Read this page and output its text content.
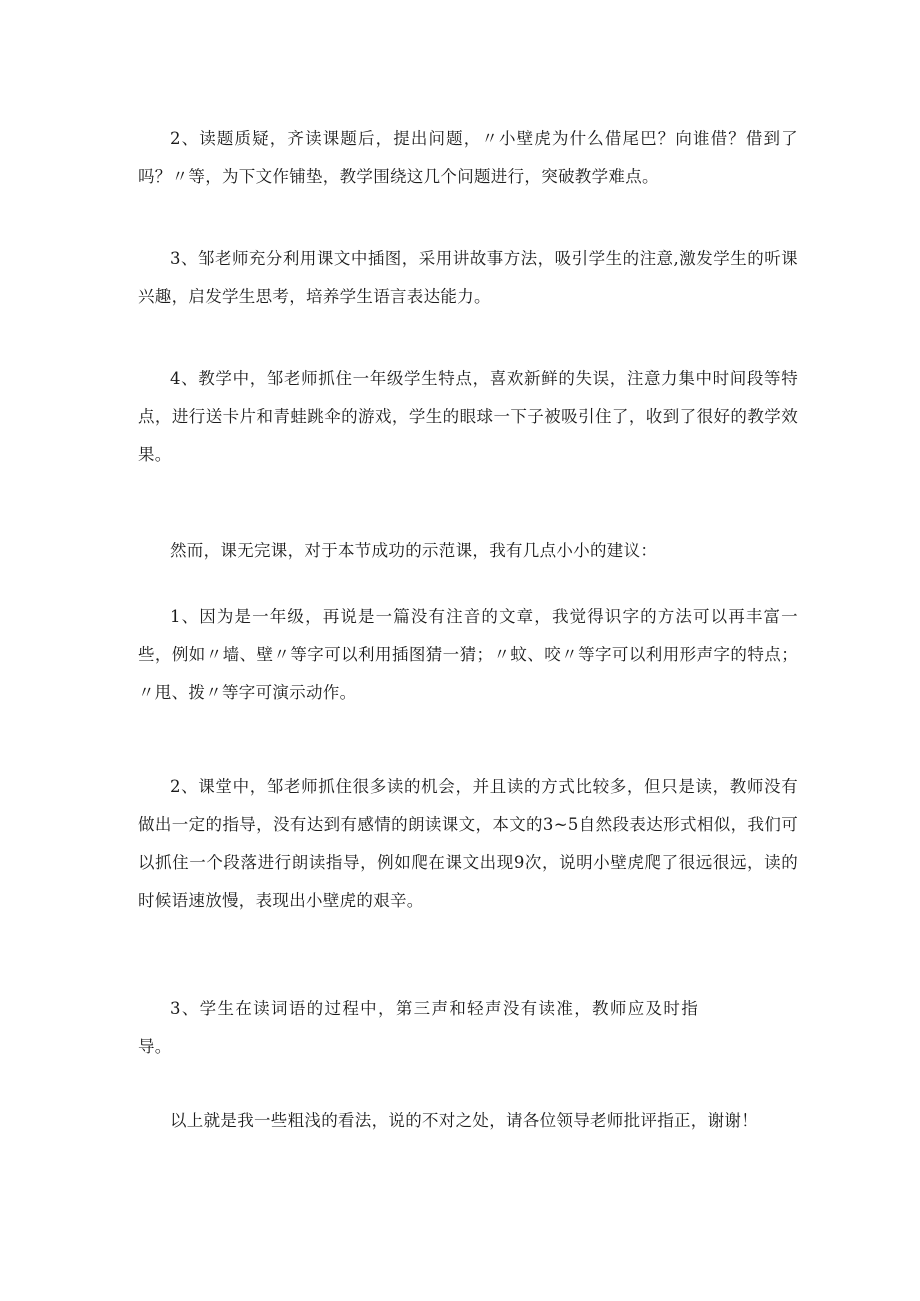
2、读题质疑，齐读课题后，提出问题，〃小壁虎为什么借尾巴？向谁借？借到了吗？〃等，为下文作铺垫，教学围绕这几个问题进行，突破教学难点。

3、邹老师充分利用课文中插图，采用讲故事方法，吸引学生的注意,激发学生的听课兴趣，启发学生思考，培养学生语言表达能力。

4、教学中，邹老师抓住一年级学生特点，喜欢新鲜的失误，注意力集中时间段等特点，进行送卡片和青蛙跳伞的游戏，学生的眼球一下子被吸引住了，收到了很好的教学效果。

然而，课无完课，对于本节成功的示范课，我有几点小小的建议：

1、因为是一年级，再说是一篇没有注音的文章，我觉得识字的方法可以再丰富一些，例如〃墙、壁〃等字可以利用插图猜一猜；〃蚊、咬〃等字可以利用形声字的特点；〃甩、拨〃等字可演示动作。

2、课堂中，邹老师抓住很多读的机会，并且读的方式比较多，但只是读，教师没有做出一定的指导，没有达到有感情的朗读课文，本文的3~5自然段表达形式相似，我们可以抓住一个段落进行朗读指导，例如爬在课文出现9次，说明小壁虎爬了很远很远，读的时候语速放慢，表现出小壁虎的艰辛。

3、学生在读词语的过程中，第三声和轻声没有读准，教师应及时指导。

以上就是我一些粗浅的看法，说的不对之处，请各位领导老师批评指正，谢谢！
